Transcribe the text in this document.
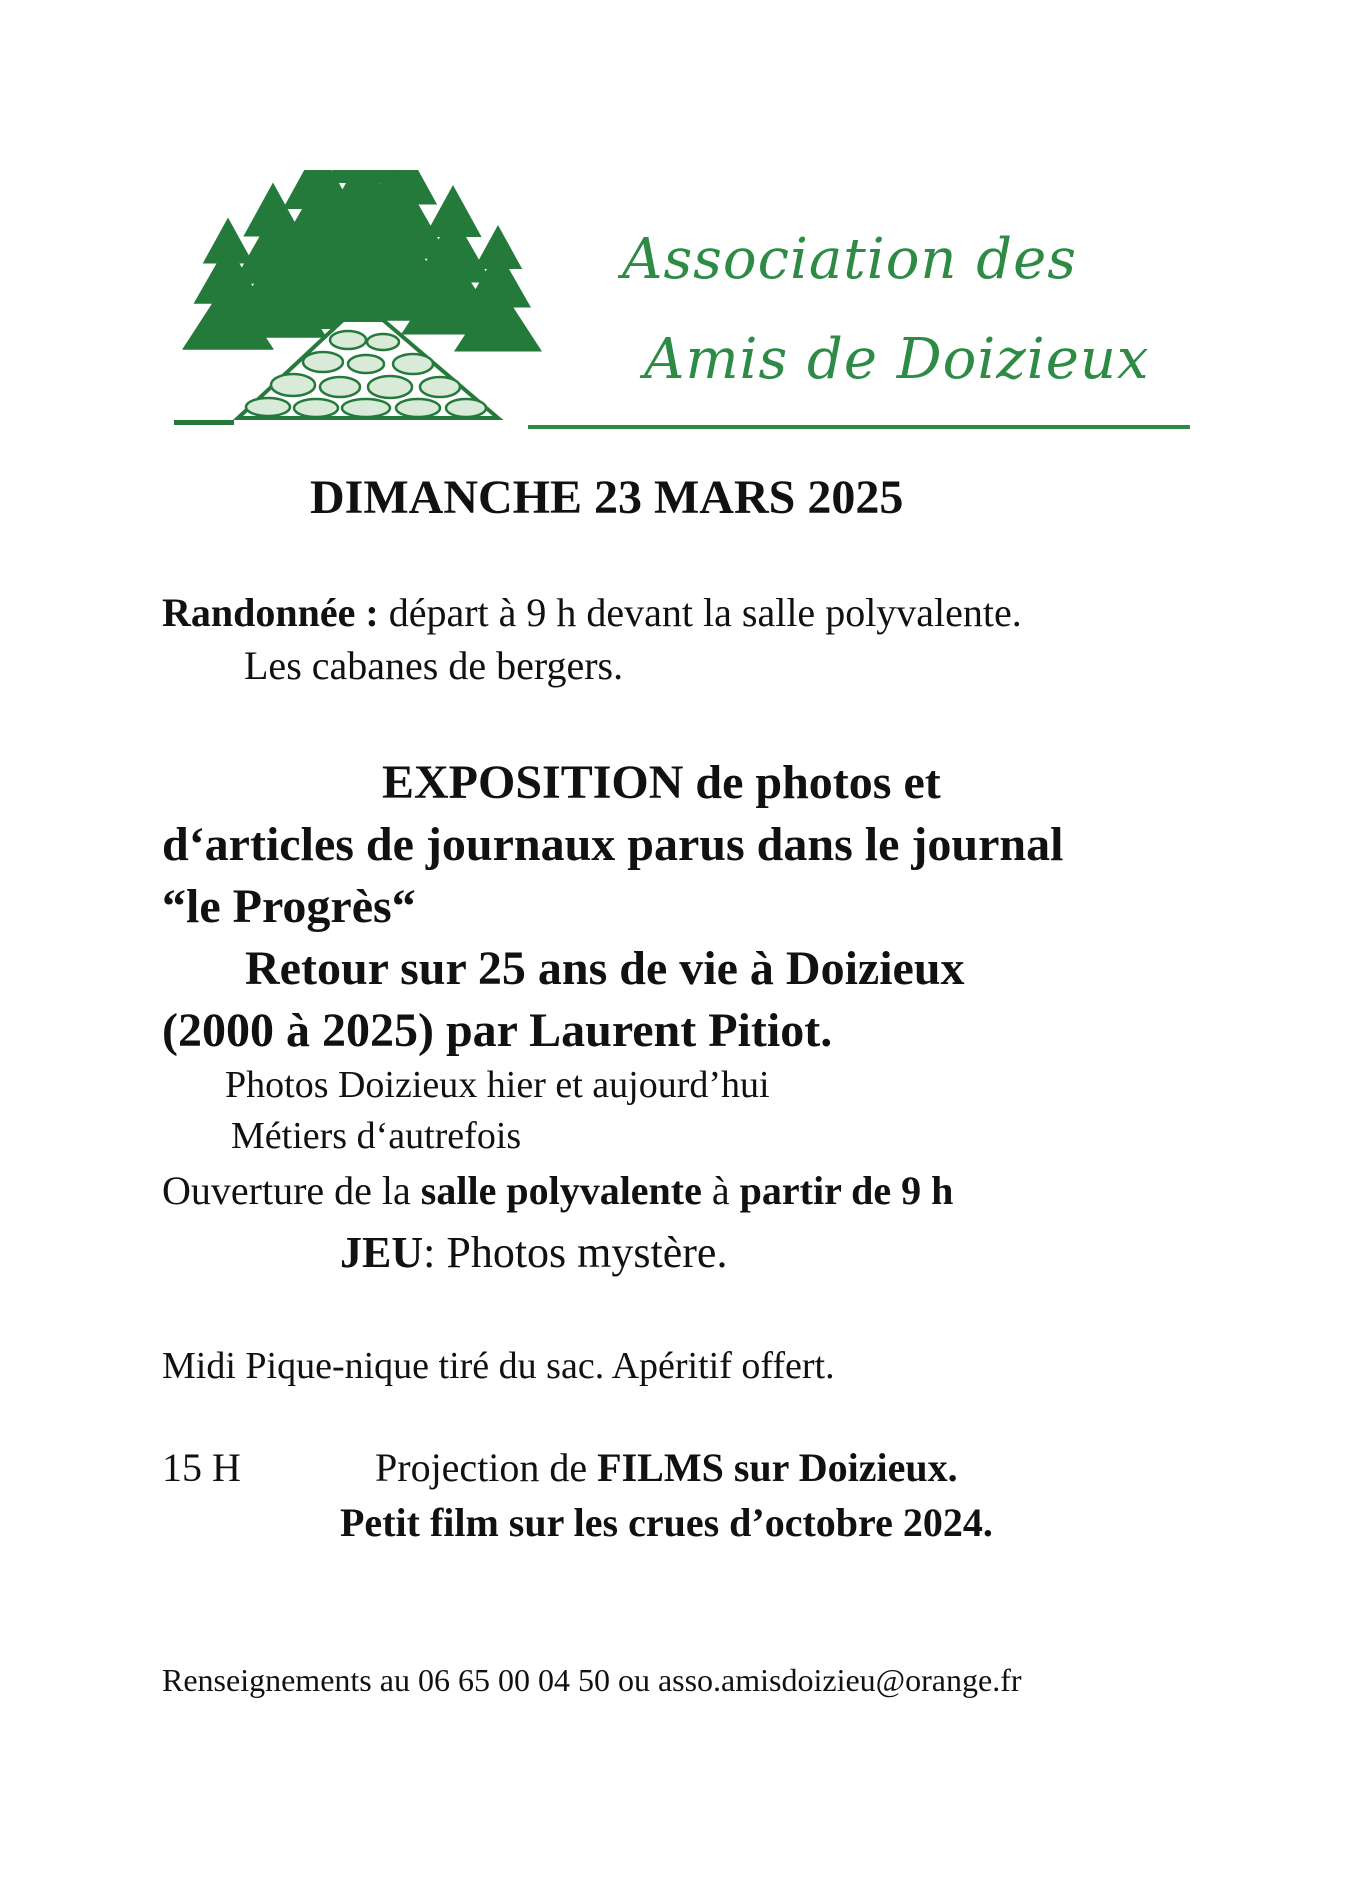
Association des
Amis de Doizieux
DIMANCHE 23 MARS 2025
Randonnée : départ à 9 h devant la salle polyvalente.
Les cabanes de bergers.
EXPOSITION de photos et
d‘articles de journaux parus dans le journal
“le Progrès“
Retour sur 25 ans de vie à Doizieux
(2000 à 2025) par Laurent Pitiot.
Photos Doizieux hier et aujourd’hui
Métiers d‘autrefois
Ouverture de la salle polyvalente à partir de 9 h
JEU: Photos mystère.
Midi Pique-nique tiré du sac. Apéritif offert.
15 H	Projection de FILMS sur Doizieux.
Petit film sur les crues d’octobre 2024.
Renseignements au 06 65 00 04 50 ou asso.amisdoizieu@orange.fr
